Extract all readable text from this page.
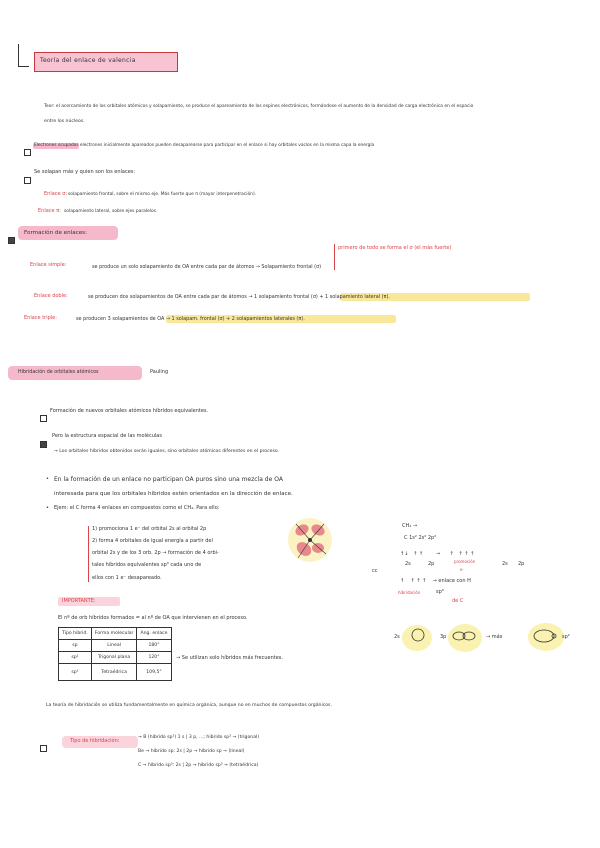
Teoría del enlace de valencia
Teor: el acercamiento de los orbitales atómicos y solapamiento, se produce el apareamiento de los espines electrónicos, formándose el aumento de la densidad de carga electrónica en el espacio
entre los núcleos.
Electrones ocupados electrones inicialmente apareados pueden desaparearse para participar en el enlace si hay orbitales vacíos en la misma capa la energía
Se solapan más y quien son los enlaces:
Enlace σ: solapamiento frontal, sobre el mismo eje. Más fuerte que π (mayor interpenetración).
Enlace π: solapamiento lateral, sobre ejes paralelos.
Formación de enlaces:
primero de todo se forma el σ (el más fuerte)
Enlace simple:	se produce un solo solapamiento de OA entre cada par de átomos → Solapamiento frontal (σ)
Enlace doble:	se producen dos solapamientos de OA entre cada par de átomos → 1 solapamiento frontal (σ) + 1 solapamiento lateral (π).
Enlace triple:	se producen 3 solapamientos de OA → 1 solapam. frontal (σ) + 2 solapamientos laterales (π).
Hibridación de orbitales atómicos	Pauling
Formación de nuevos orbitales atómicos híbridos equivalentes.
Pero la estructura espacial de las moléculas
→ Los orbitales híbridos obtenidos serán iguales, sino orbitales atómicos diferentes en el proceso.
• En la formación de un enlace no participan OA puros sino una mezcla de OA
interesada para que los orbitales híbridos estén orientados en la dirección de enlace.
• Ejem: el C forma 4 enlaces en compuestos como el CH₄. Para ello:
1) promociona 1 e⁻ del orbital 2s al orbital 2p
2) forma 4 orbitales de igual energía a partir del
orbital 2s y de los 3 orb. 2p → formación de 4 orbi-
tales híbridos equivalentes sp³ cada uno de
ellos con 1 e⁻ desapareado.
cc
CH₄ →
C 1s² 2s² 2p²
↑↓   ↑ ↑        →      ↑   ↑ ↑ ↑
2s	2p	promoción
e⁻
2s 2p
↑    ↑ ↑ ↑    → enlace con H
hibridación	sp³
de C
IMPORTANTE:
El nº de orb híbridos formados = al nº de OA que intervienen en el proceso.
Tipo hibrid.	Forma molecular	Ang. enlace
sp	Lineal	180°
sp²	Trigonal plana	120°
sp³	Tetraédrica	109,5°
→ Se utilizan solo híbridos más frecuentes.
2s	3p	→ más	sp²
La teoría de hibridación se utiliza fundamentalmente en química orgánica, aunque no en muchos de compuestos orgánicos.
Tipo de hibridación:
→ B (híbrido sp²) 1 s | 3 p, ...; hibrido sp² → (trigonal)
Be → híbrido sp: 2s | 2p → híbrido sp → (lineal)
C → híbrido sp³: 2s | 2p → híbrido sp³ → (tetraédrica)
